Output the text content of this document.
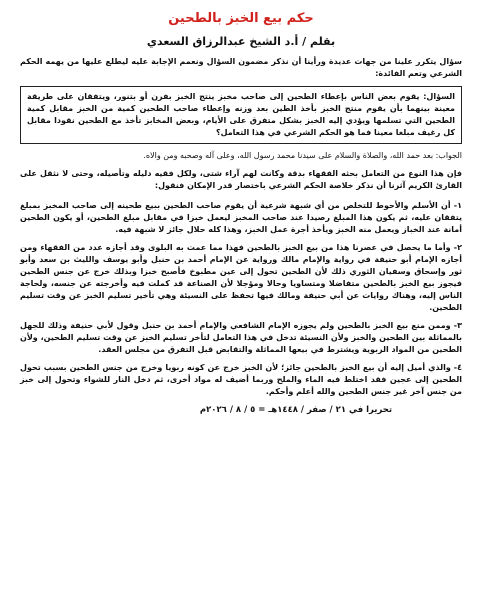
حكم بيع الخبز بالطحين
بقلم / أ.د الشيخ عبدالرزاق السعدي

سؤال يتكرر علينا من جهات عديدة ورأينا أن نذكر مضمون السؤال ونعمم الإجابة عليه ليطلع عليها من يهمه الحكم الشرعي وتعم الفائدة:

السؤال: يقوم بعض الناس بإعطاء الطحين إلى صاحب مخبز ينتج الخبز بفرن أو بتنور، ويتفقان على طريقة معينة بينهما بأن يقوم منتج الخبز بأخذ الطين بعد وزنه وإعطاء صاحب الطحين كمية من الخبز مقابل كمية الطحين التي تسلمها ويؤدي إليه الخبز بشكل متفرق على الأيام، وبعض المخابز تأخذ مع الطحين نقودا مقابل كل رغيف مبلغا معينا فما هو الحكم الشرعي في هذا التعامل؟

الجواب: بعد حمد الله، والصلاة والسلام على سيدنا محمد رسول الله، وعلى آله وصحبه ومن والاه.

فإن هذا النوع من التعامل بحثه الفقهاء بدقة وكانت لهم آراء شتى، ولكل فقيه دليله وتأصيله، وحتى لا نثقل على القارئ الكريم آثرنا أن نذكر خلاصة الحكم الشرعي باختصار قدر الإمكان فنقول:

١- أن الأسلم والأحوط للتخلص من أي شبهة شرعية أن يقوم صاحب الطحين ببيع طحينه إلى صاحب المخبز بمبلغ يتفقان عليه، ثم يكون هذا المبلغ رصيدا عند صاحب المخبز ليعمل خبزا في مقابل مبلغ الطحين، أو يكون الطحين أمانة عند الخباز ويعمل منه الخبز ويأخذ أجرة عمل الخبز، وهذا كله حلال جائز لا شبهة فيه.

٢- وأما ما يحصل في عصرنا هذا من بيع الخبز بالطحين فهذا مما عمت به البلوى وقد أجازه عدد من الفقهاء ومن أجازه الإمام أبو حنيفة في رواية والإمام مالك ورواية عن الإمام أحمد بن حنبل وأبو يوسف والليث بن سعد وأبو ثور وإسحاق وسفيان الثوري ذلك لأن الطحين تحول إلى عين مطبوخ فأصبح خبزا وبذلك خرج عن جنس الطحين فيجوز بيع الخبز بالطحين متفاضلا ومتساويا وحالا ومؤجلا لأن الصناعة قد كملت فيه وأخرجته عن جنسه، ولحاجة الناس إليه، وهناك روايات عن أبي حنيفة ومالك فيها تحفظ على النسيئة وهي تأخير تسليم الخبز عن وقت تسليم الطحين.

٣- وممن منع بيع الخبز بالطحين ولم يجوزه الإمام الشافعي والإمام أحمد بن حنبل وقول لأبي حنيفة وذلك للجهل بالمماثلة بين الطحين والخبز ولأن النسيئة تدخل في هذا التعامل لتأخر تسليم الخبز عن وقت تسليم الطحين، ولأن الطحين من المواد الربوية ويشترط في بيعها المماثلة والتقابض قبل التفرق من مجلس العقد.

٤- والذي أميل إليه أن بيع الخبز بالطحين جائز؛ لأن الخبز خرج عن كونه ربويا وخرج من جنس الطحين بسبب تحول الطحين إلى عجين فقد اختلط فيه الماء والملح وربما أضيف له مواد أخرى، ثم دخل النار للشواء وتحول إلى خبز من جنس آخر غير جنس الطحين والله أعلم وأحكم.

تحريرا في ٢١ / صفر / ١٤٤٨هـ = ٥ / ٨ / ٢٠٢٦م
